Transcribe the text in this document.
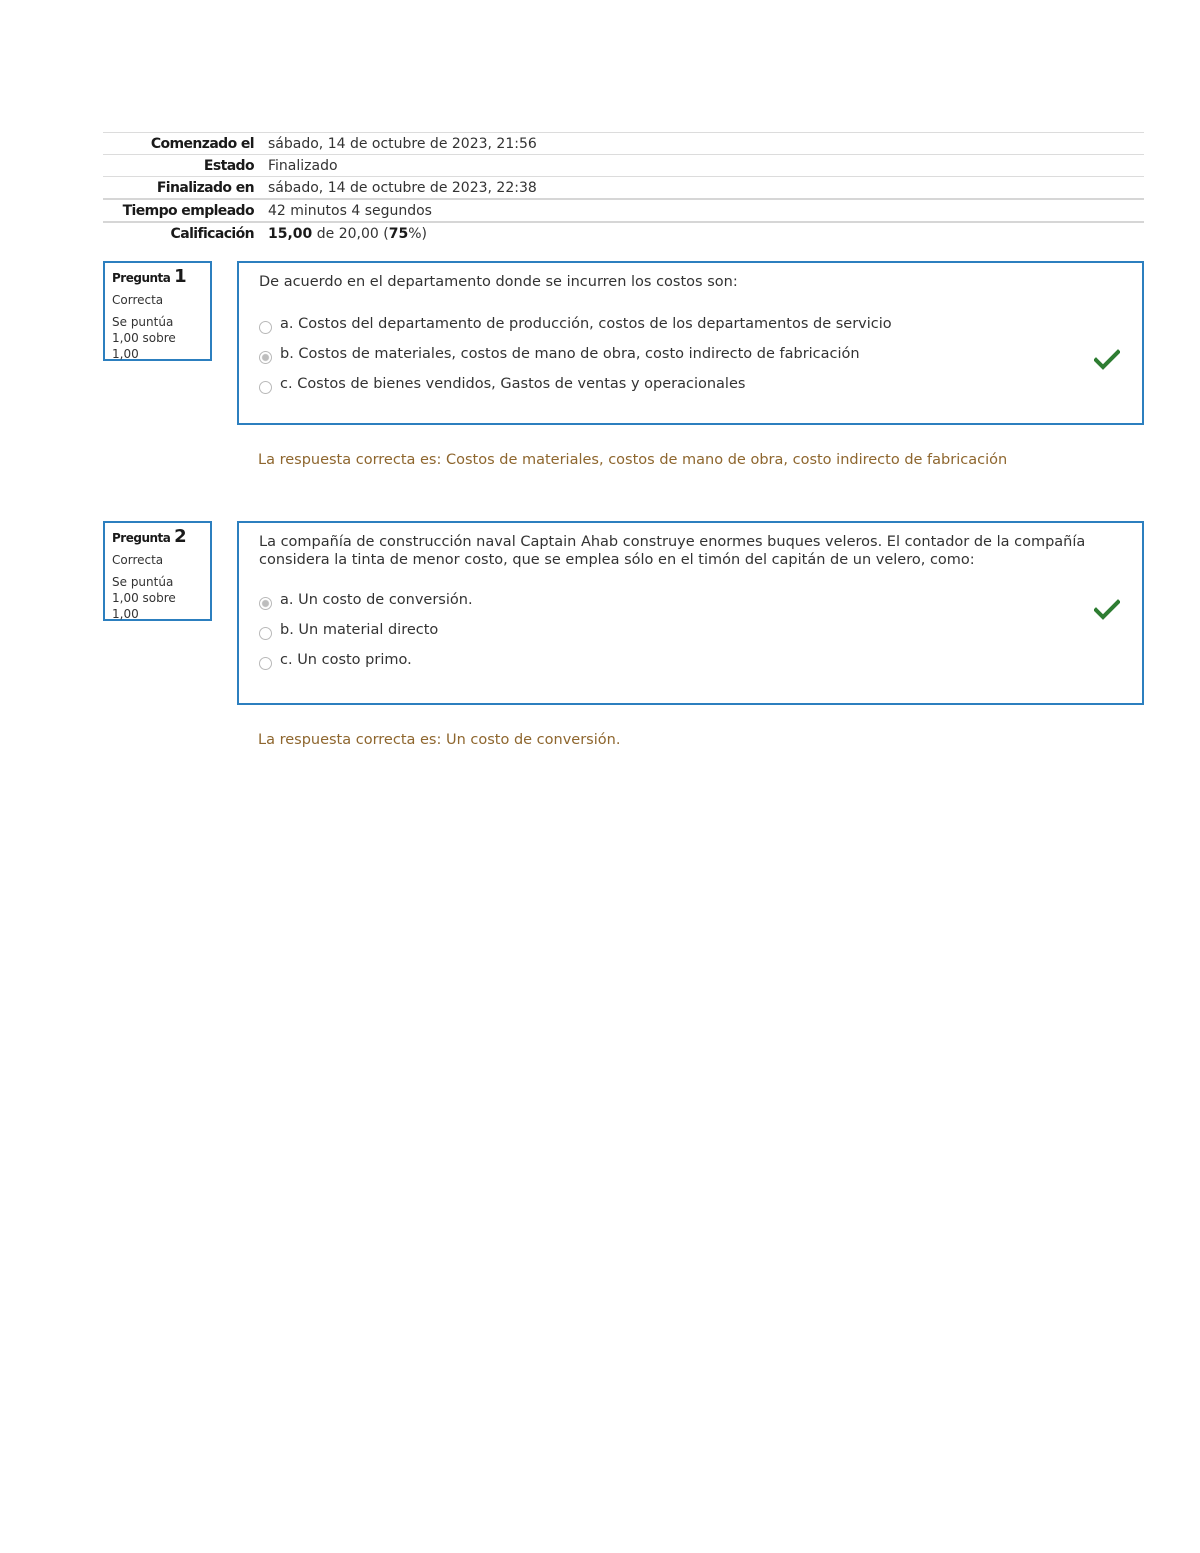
Comenzado el	sábado, 14 de octubre de 2023, 21:56
Estado	Finalizado
Finalizado en	sábado, 14 de octubre de 2023, 22:38
Tiempo empleado	42 minutos 4 segundos
Calificación	15,00 de 20,00 (75%)
Pregunta 1
Correcta
Se puntúa 1,00 sobre 1,00
De acuerdo en el departamento donde se incurren los costos son:
a. Costos del departamento de producción, costos de los departamentos de servicio
b. Costos de materiales, costos de mano de obra, costo indirecto de fabricación
c. Costos de bienes vendidos, Gastos de ventas y operacionales
La respuesta correcta es: Costos de materiales, costos de mano de obra, costo indirecto de fabricación
Pregunta 2
Correcta
Se puntúa 1,00 sobre 1,00
La compañía de construcción naval Captain Ahab construye enormes buques veleros. El contador de la compañía considera la tinta de menor costo, que se emplea sólo en el timón del capitán de un velero, como:
a. Un costo de conversión.
b. Un material directo
c. Un costo primo.
La respuesta correcta es: Un costo de conversión.
